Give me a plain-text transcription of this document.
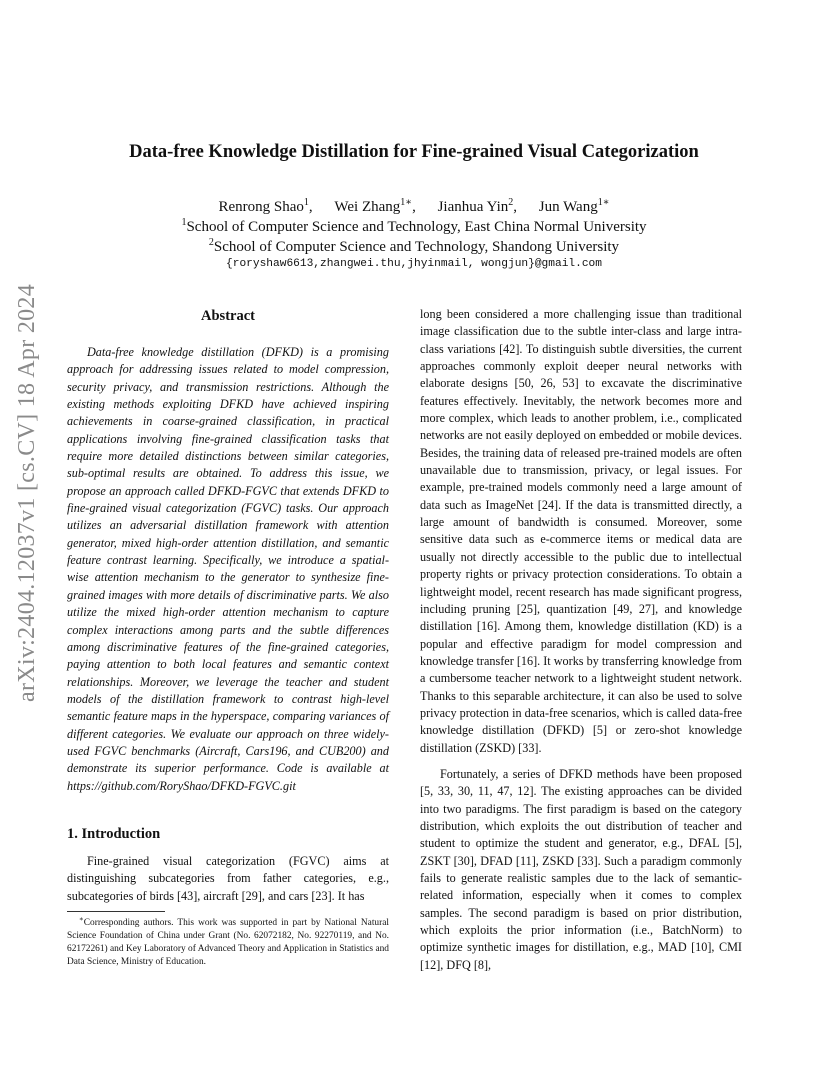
arXiv:2404.12037v1 [cs.CV] 18 Apr 2024
Data-free Knowledge Distillation for Fine-grained Visual Categorization
Renrong Shao$^1$, Wei Zhang$^{1∗}$, Jianhua Yin$^2$, Jun Wang$^{1∗}$
$^1$School of Computer Science and Technology, East China Normal University
$^2$School of Computer Science and Technology, Shandong University
{roryshaw6613,zhangwei.thu,jhyinmail, wongjun}@gmail.com
Abstract
Data-free knowledge distillation (DFKD) is a promising approach for addressing issues related to model compression, security privacy, and transmission restrictions. Although the existing methods exploiting DFKD have achieved inspiring achievements in coarse-grained classification, in practical applications involving fine-grained classification tasks that require more detailed distinctions between similar categories, sub-optimal results are obtained. To address this issue, we propose an approach called DFKD-FGVC that extends DFKD to fine-grained visual categorization (FGVC) tasks. Our approach utilizes an adversarial distillation framework with attention generator, mixed high-order attention distillation, and semantic feature contrast learning. Specifically, we introduce a spatial-wise attention mechanism to the generator to synthesize fine-grained images with more details of discriminative parts. We also utilize the mixed high-order attention mechanism to capture complex interactions among parts and the subtle differences among discriminative features of the fine-grained categories, paying attention to both local features and semantic context relationships. Moreover, we leverage the teacher and student models of the distillation framework to contrast high-level semantic feature maps in the hyperspace, comparing variances of different categories. We evaluate our approach on three widely-used FGVC benchmarks (Aircraft, Cars196, and CUB200) and demonstrate its superior performance. Code is available at https://github.com/RoryShao/DFKD-FGVC.git
1. Introduction
Fine-grained visual categorization (FGVC) aims at distinguishing subcategories from father categories, e.g., subcategories of birds [43], aircraft [29], and cars [23]. It has
∗Corresponding authors. This work was supported in part by National Natural Science Foundation of China under Grant (No. 62072182, No. 92270119, and No. 62172261) and Key Laboratory of Advanced Theory and Application in Statistics and Data Science, Ministry of Education.

long been considered a more challenging issue than traditional image classification due to the subtle inter-class and large intra-class variations [42]. To distinguish subtle diversities, the current approaches commonly exploit deeper neural networks with elaborate designs [50, 26, 53] to excavate the discriminative features effectively. Inevitably, the network becomes more and more complex, which leads to another problem, i.e., complicated networks are not easily deployed on embedded or mobile devices. Besides, the training data of released pre-trained models are often unavailable due to transmission, privacy, or legal issues. For example, pre-trained models commonly need a large amount of data such as ImageNet [24]. If the data is transmitted directly, a large amount of bandwidth is consumed. Moreover, some sensitive data such as e-commerce items or medical data are usually not directly accessible to the public due to intellectual property rights or privacy protection considerations. To obtain a lightweight model, recent research has made significant progress, including pruning [25], quantization [49, 27], and knowledge distillation [16]. Among them, knowledge distillation (KD) is a popular and effective paradigm for model compression and knowledge transfer [16]. It works by transferring knowledge from a cumbersome teacher network to a lightweight student network. Thanks to this separable architecture, it can also be used to solve privacy protection in data-free scenarios, which is called data-free knowledge distillation (DFKD) [5] or zero-shot knowledge distillation (ZSKD) [33].

Fortunately, a series of DFKD methods have been proposed [5, 33, 30, 11, 47, 12]. The existing approaches can be divided into two paradigms. The first paradigm is based on the category distribution, which exploits the out distribution of teacher and student to optimize the student and generator, e.g., DFAL [5], ZSKT [30], DFAD [11], ZSKD [33]. Such a paradigm commonly fails to generate realistic samples due to the lack of semantic-related information, especially when it comes to complex samples. The second paradigm is based on prior distribution, which exploits the prior information (i.e., BatchNorm) to optimize synthetic images for distillation, e.g., MAD [10], CMI [12], DFQ [8],
